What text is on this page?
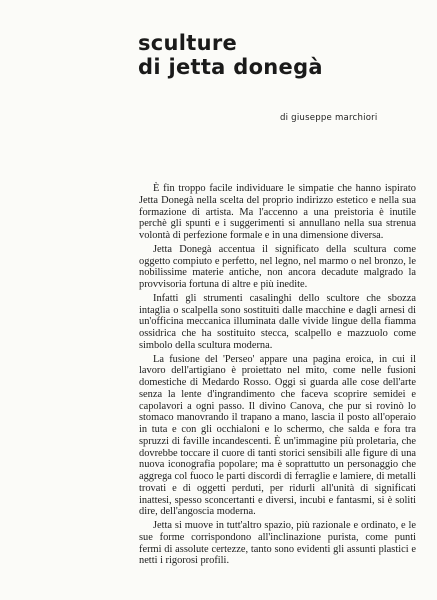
sculture
di jetta donegà
di giuseppe marchiori

È fin troppo facile individuare le simpatie che hanno ispirato Jetta Donegà nella scelta del proprio indirizzo estetico e nella sua formazione di artista. Ma l'accenno a una preistoria è inutile perchè gli spunti e i suggerimenti si annullano nella sua strenua volontà di perfezione formale e in una dimensione diversa.

Jetta Donegà accentua il significato della scultura come oggetto compiuto e perfetto, nel legno, nel marmo o nel bronzo, le nobilissime materie antiche, non ancora decadute malgrado la provvisoria fortuna di altre e più inedite.

Infatti gli strumenti casalinghi dello scultore che sbozza intaglia o scalpella sono sostituiti dalle macchine e dagli arnesi di un'officina meccanica illuminata dalle vivide lingue della fiamma ossidrica che ha sostituito stecca, scalpello e mazzuolo come simbolo della scultura moderna.

La fusione del 'Perseo' appare una pagina eroica, in cui il lavoro dell'artigiano è proiettato nel mito, come nelle fusioni domestiche di Medardo Rosso. Oggi si guarda alle cose dell'arte senza la lente d'ingrandimento che faceva scoprire semidei e capolavori a ogni passo. Il divino Canova, che pur si rovinò lo stomaco manovrando il trapano a mano, lascia il posto all'operaio in tuta e con gli occhialoni e lo schermo, che salda e fora tra spruzzi di faville incandescenti. È un'immagine più proletaria, che dovrebbe toccare il cuore di tanti storici sensibili alle figure di una nuova iconografia popolare; ma è soprattutto un personaggio che aggrega col fuoco le parti discordi di ferraglie e lamiere, di metalli trovati e di oggetti perduti, per ridurli all'unità di significati inattesi, spesso sconcertanti e diversi, incubi e fantasmi, si è soliti dire, dell'angoscia moderna.

Jetta si muove in tutt'altro spazio, più razionale e ordinato, e le sue forme corrispondono all'inclinazione purista, come punti fermi di assolute certezze, tanto sono evidenti gli assunti plastici e netti i rigorosi profili.
